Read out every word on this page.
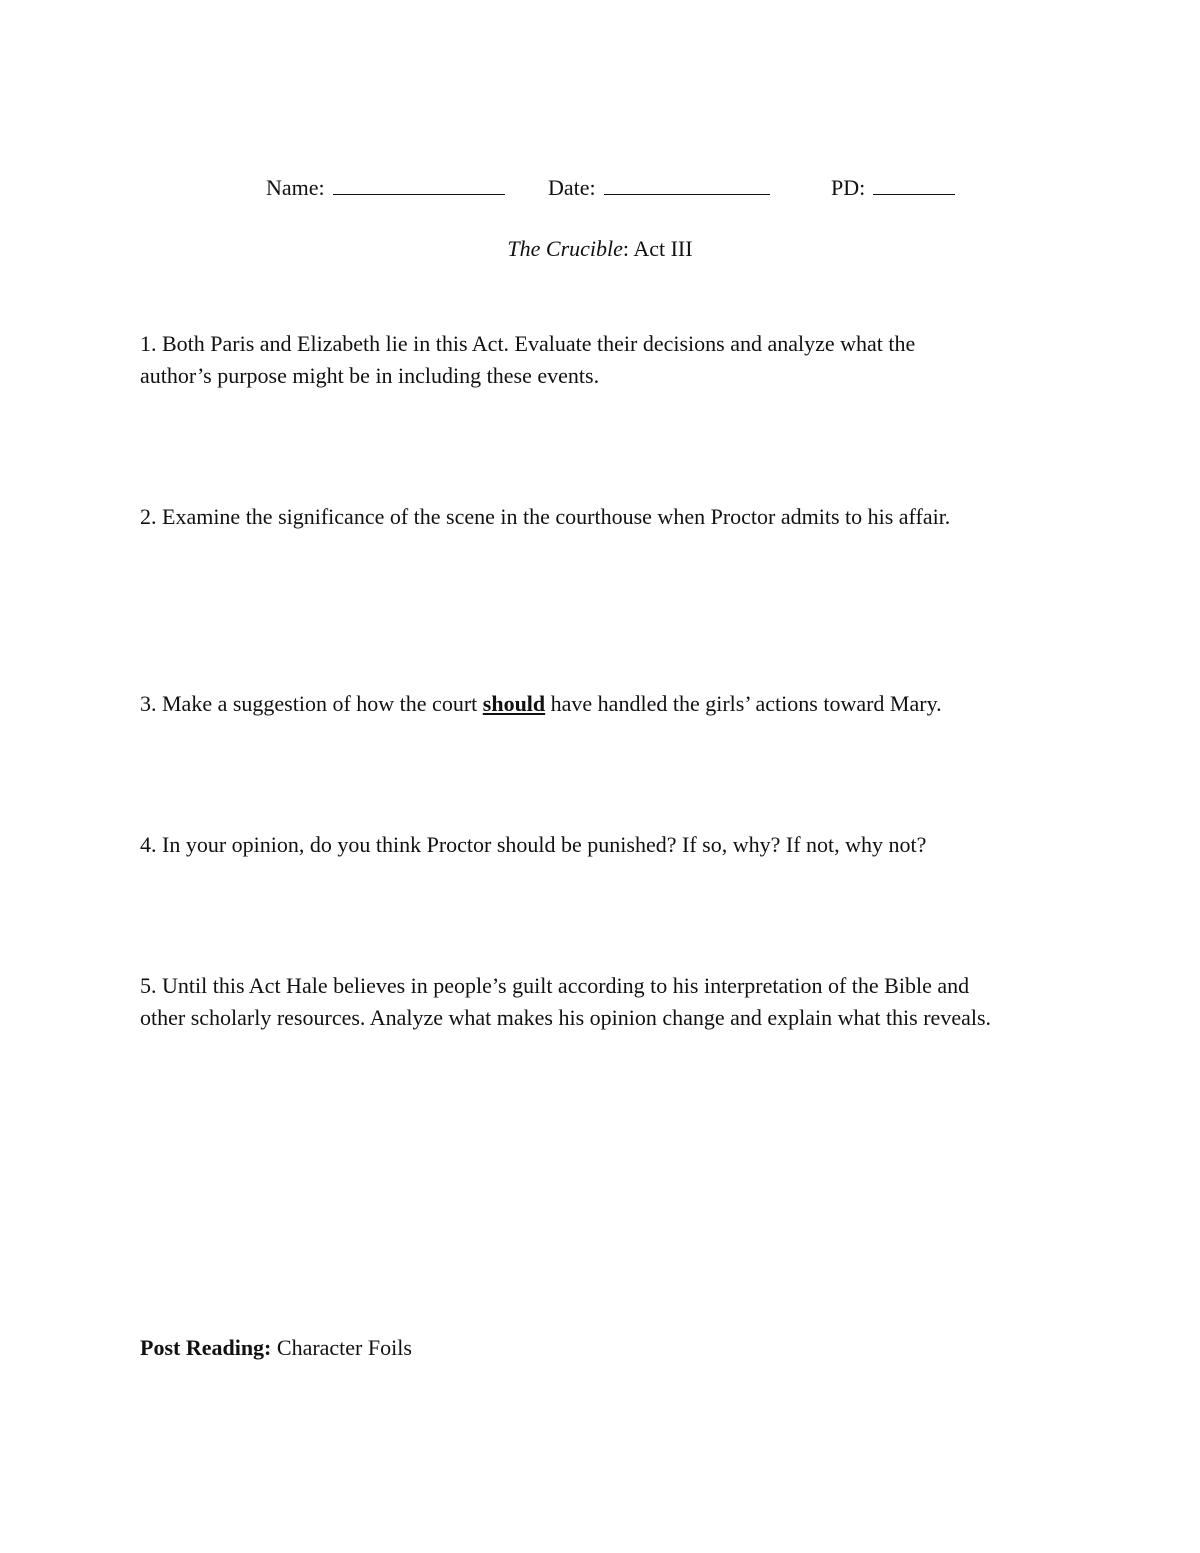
Name:	Date:	PD:

The Crucible: Act III
1. Both Paris and Elizabeth lie in this Act. Evaluate their decisions and analyze what the
author’s purpose might be in including these events.
2. Examine the significance of the scene in the courthouse when Proctor admits to his affair.
3. Make a suggestion of how the court should have handled the girls’ actions toward Mary.
4. In your opinion, do you think Proctor should be punished? If so, why? If not, why not?
5. Until this Act Hale believes in people’s guilt according to his interpretation of the Bible and
other scholarly resources. Analyze what makes his opinion change and explain what this reveals.
Post Reading: Character Foils
